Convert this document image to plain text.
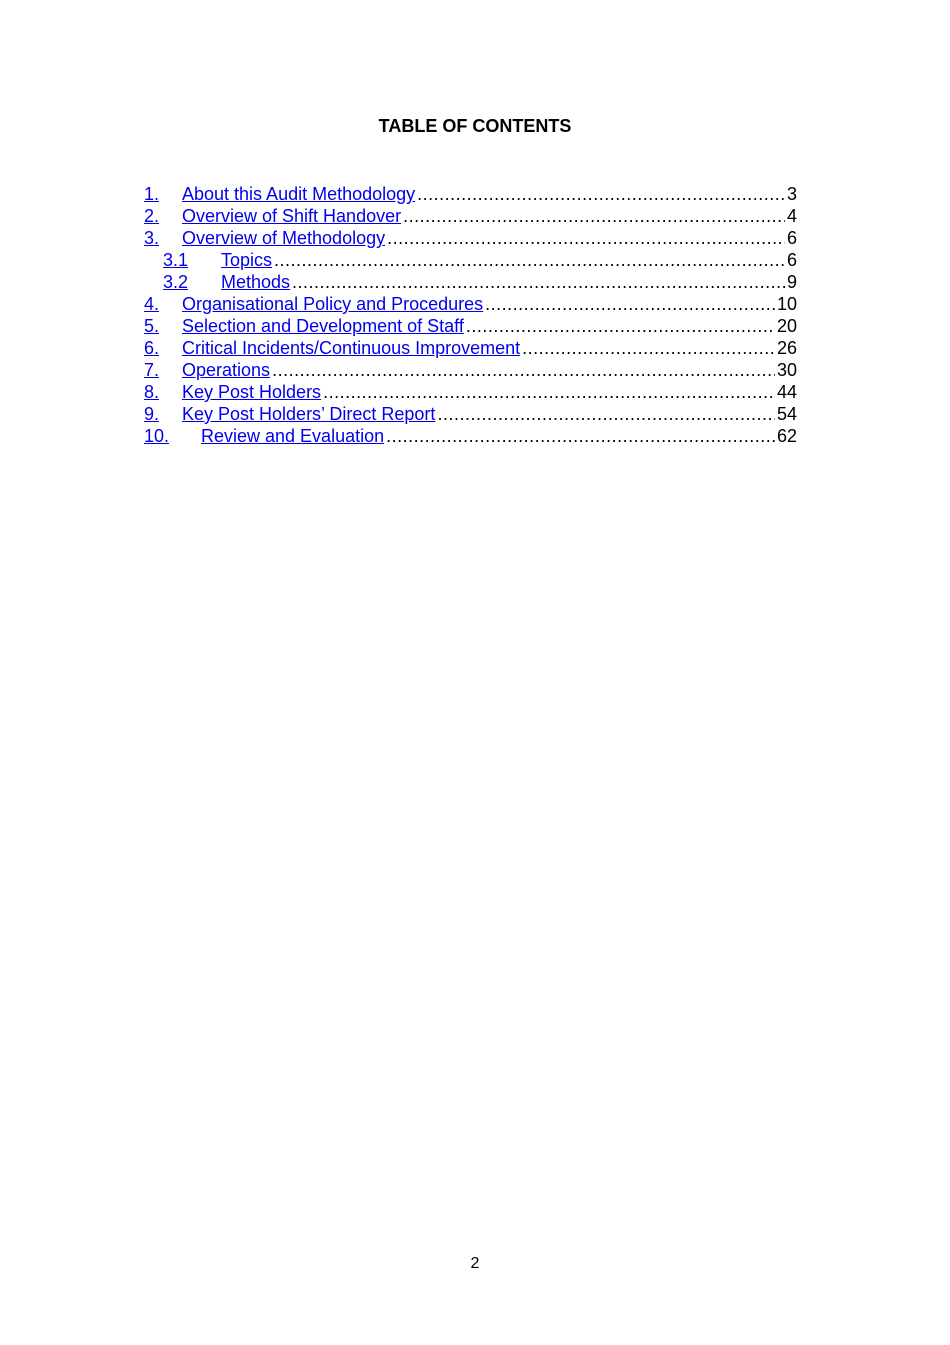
TABLE OF CONTENTS
1.	About this Audit Methodology .....	3
2.	Overview of Shift Handover .....	4
3.	Overview of Methodology .....	6
3.1	Topics .....	6
3.2	Methods .....	9
4.	Organisational Policy and Procedures .....	10
5.	Selection and Development of Staff .....	20
6.	Critical Incidents/Continuous Improvement .....	26
7.	Operations .....	30
8.	Key Post Holders .....	44
9.	Key Post Holders’ Direct Report .....	54
10.	Review and Evaluation .....	62
2
